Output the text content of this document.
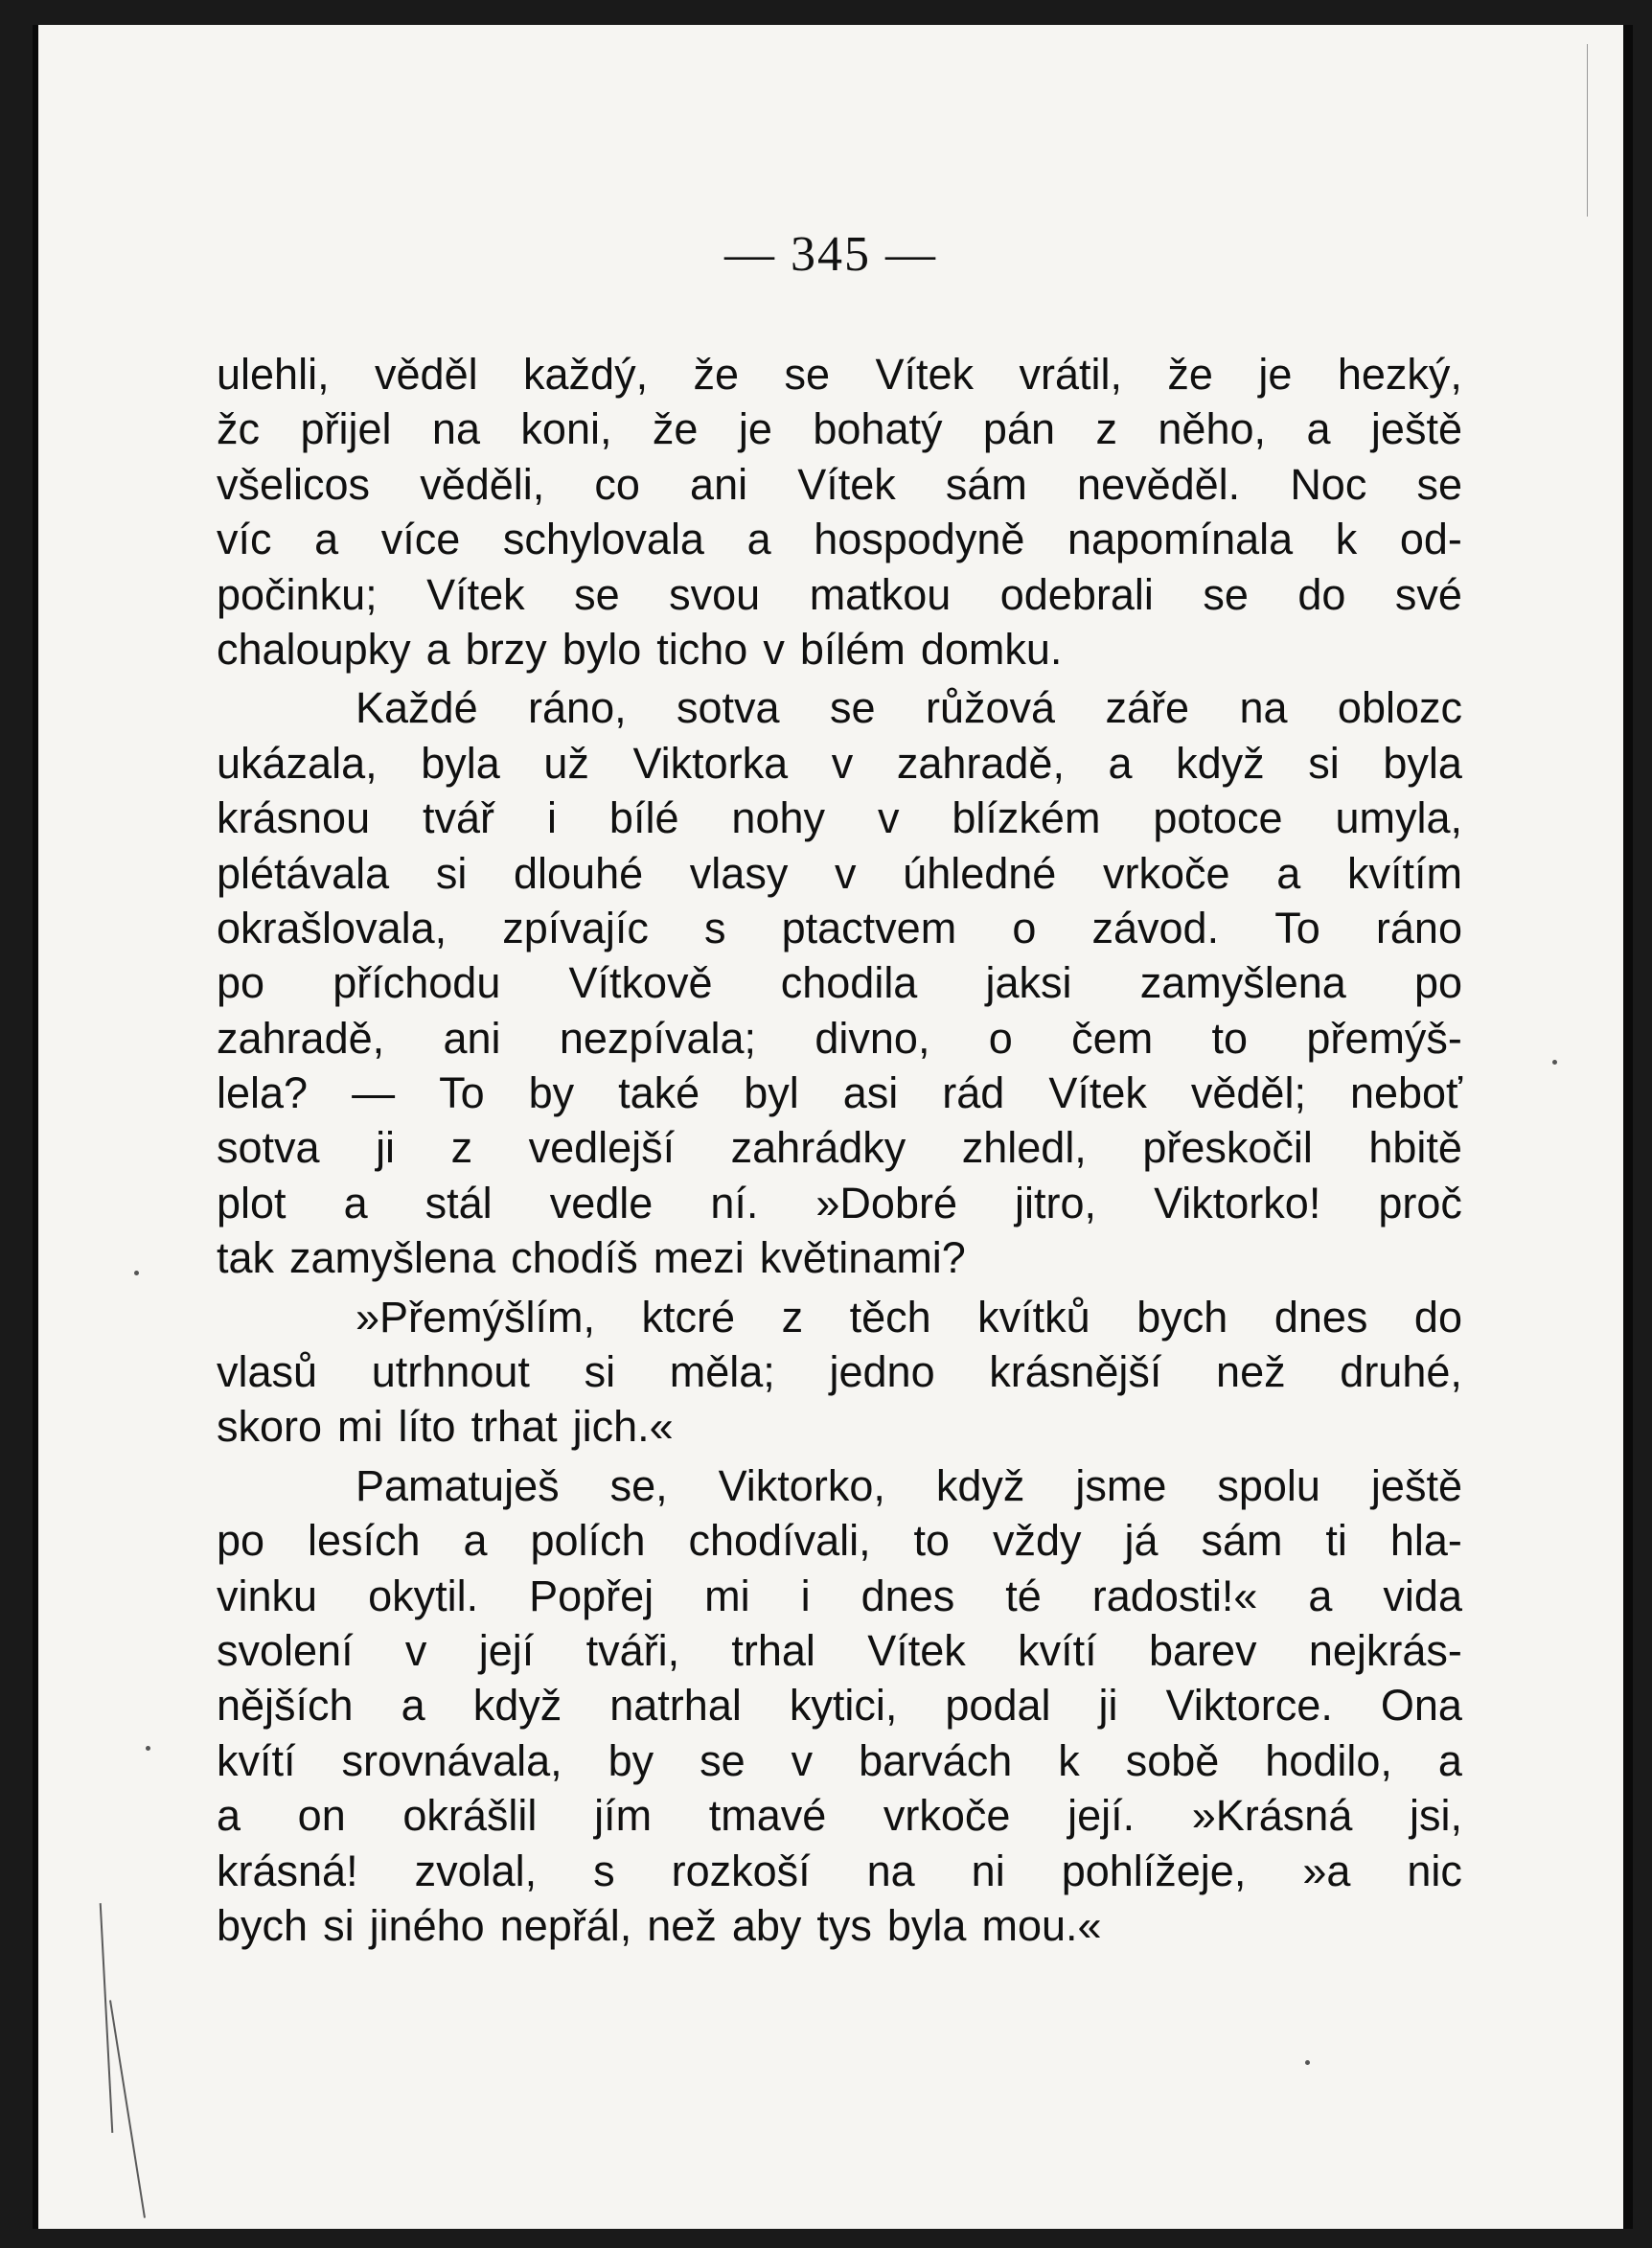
— 345 —
ulehli, věděl každý, že se Vítek vrátil, že je hezký,
žc přijel na koni, že je bohatý pán z něho, a ještě
všelicos věděli, co ani Vítek sám nevěděl. Noc se
víc a více schylovala a hospodyně napomínala k od-
počinku; Vítek se svou matkou odebrali se do své
chaloupky a brzy bylo ticho v bílém domku.
Každé ráno, sotva se růžová záře na oblozc
ukázala, byla už Viktorka v zahradě, a když si byla
krásnou tvář i bílé nohy v blízkém potoce umyla,
plétávala si dlouhé vlasy v úhledné vrkoče a kvítím
okrašlovala, zpívajíc s ptactvem o závod. To ráno
po příchodu Vítkově chodila jaksi zamyšlena po
zahradě, ani nezpívala; divno, o čem to přemýš-
lela? — To by také byl asi rád Vítek věděl; neboť
sotva ji z vedlejší zahrádky zhledl, přeskočil hbitě
plot a stál vedle ní. »Dobré jitro, Viktorko! proč
tak zamyšlena chodíš mezi květinami?
»Přemýšlím, ktcré z těch kvítků bych dnes do
vlasů utrhnout si měla; jedno krásnější než druhé,
skoro mi líto trhat jich.«
Pamatuješ se, Viktorko, když jsme spolu ještě
po lesích a polích chodívali, to vždy já sám ti hla-
vinku okytil. Popřej mi i dnes té radosti!« a vida
svolení v její tváři, trhal Vítek kvítí barev nejkrás-
nějších a když natrhal kytici, podal ji Viktorce. Ona
kvítí srovnávala, by se v barvách k sobě hodilo, a
a on okrášlil jím tmavé vrkoče její. »Krásná jsi,
krásná! zvolal, s rozkoší na ni pohlížeje, »a nic
bych si jiného nepřál, než aby tys byla mou.«
